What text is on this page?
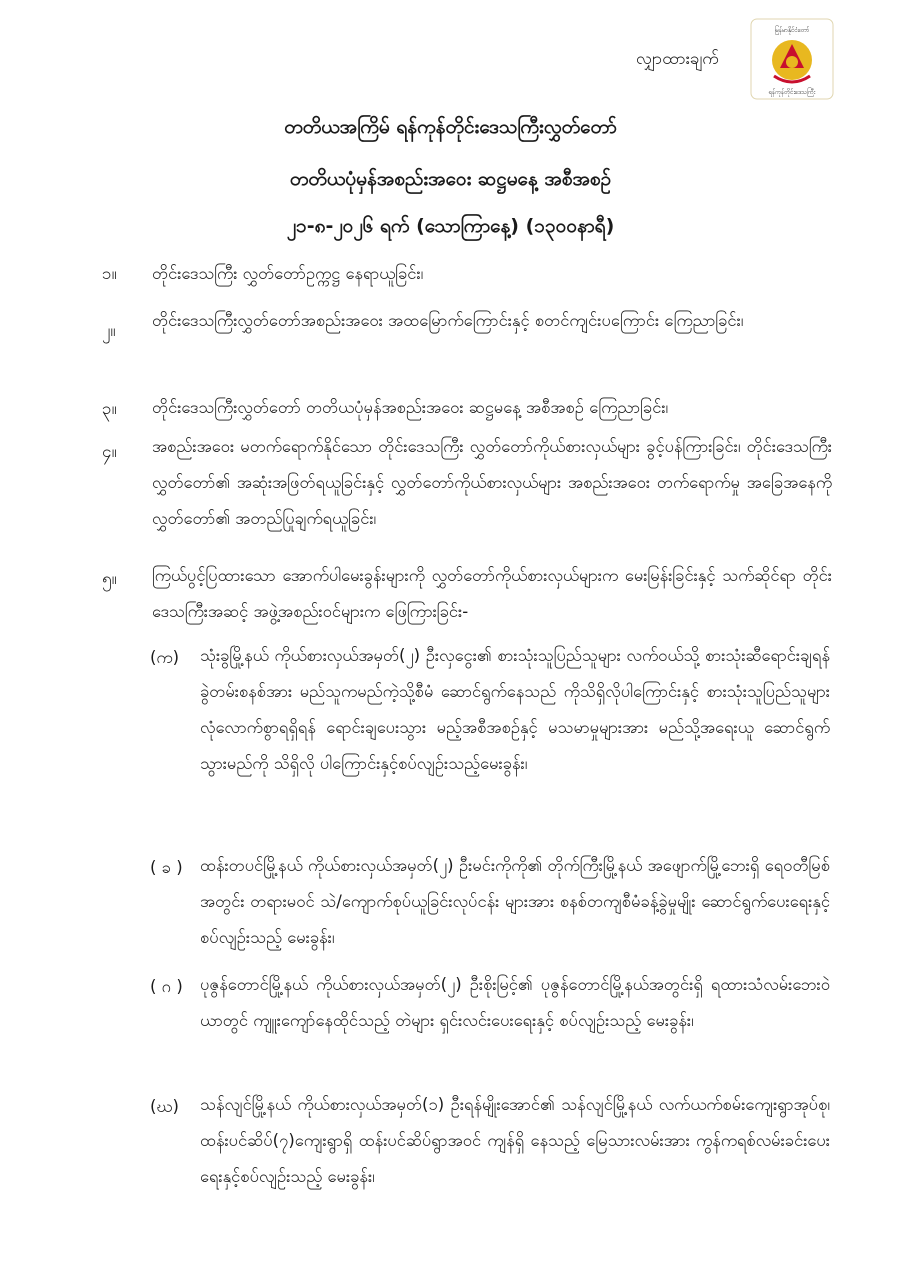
လျှာထားချက်
မြန်မာနိုင်ငံတော်
ရန်ကုန်တိုင်းဒေသကြီး
တတိယအကြိမ် ရန်ကုန်တိုင်းဒေသကြီးလွှတ်တော်
တတိယပုံမှန်အစည်းအဝေး ဆဋ္ဌမနေ့ အစီအစဉ်
၂၁-၈-၂၀၂၆ ရက် (သောကြာနေ့) (၁၃၀၀နာရီ)
၁။ တိုင်းဒေသကြီး လွှတ်တော်ဥက္ကဋ္ဌ နေရာယူခြင်း၊
၂။
တိုင်းဒေသကြီးလွှတ်တော်အစည်းအဝေး အထမြောက်ကြောင်းနှင့် စတင်ကျင်းပကြောင်း ကြေညာခြင်း၊
၃။ တိုင်းဒေသကြီးလွှတ်တော် တတိယပုံမှန်အစည်းအဝေး ဆဋ္ဌမနေ့ အစီအစဉ် ကြေညာခြင်း၊
၄။ အစည်းအဝေး မတက်ရောက်နိုင်သော တိုင်းဒေသကြီး လွှတ်တော်ကိုယ်စားလှယ်များ ခွင့်ပန်ကြားခြင်း၊ တိုင်းဒေသကြီးလွှတ်တော်၏ အဆုံးအဖြတ်ရယူခြင်းနှင့် လွှတ်တော်ကိုယ်စားလှယ်များ အစည်းအဝေး တက်ရောက်မှု အခြေအနေကို လွှတ်တော်၏ အတည်ပြုချက်ရယူခြင်း၊
၅။ ကြယ်ပွင့်ပြထားသော အောက်ပါမေးခွန်းများကို လွှတ်တော်ကိုယ်စားလှယ်များက မေးမြန်းခြင်းနှင့် သက်ဆိုင်ရာ တိုင်းဒေသကြီးအဆင့် အဖွဲ့အစည်းဝင်များက ဖြေကြားခြင်း-
(က) သုံးခွမြို့နယ် ကိုယ်စားလှယ်အမှတ်(၂) ဦးလှငွေး၏ စားသုံးသူပြည်သူများ လက်ဝယ်သို့ စားသုံးဆီရောင်းချရန် ခွဲတမ်းစနစ်အား မည်သူကမည်ကဲ့သို့စီမံ ဆောင်ရွက်နေသည် ကိုသိရှိလိုပါကြောင်းနှင့် စားသုံးသူပြည်သူများ လုံလောက်စွာရရှိရန် ရောင်းချပေးသွား မည့်အစီအစဉ်နှင့် မသမာမှုများအား မည်သို့အရေးယူ ဆောင်ရွက်သွားမည်ကို သိရှိလို ပါကြောင်းနှင့်စပ်လျဉ်းသည့်မေးခွန်း၊
( ခ ) ထန်းတပင်မြို့နယ် ကိုယ်စားလှယ်အမှတ်(၂) ဦးမင်းကိုကို၏ တိုက်ကြီးမြို့နယ် အဖျောက်မြို့ဘေးရှိ ရေဝတီမြစ်အတွင်း တရားမဝင် သဲ/ကျောက်စုပ်ယူခြင်းလုပ်ငန်း များအား စနစ်တကျစီမံခန့်ခွဲမှုမျိုး ဆောင်ရွက်ပေးရေးနှင့်စပ်လျဉ်းသည့် မေးခွန်း၊
( ဂ ) ပုဇွန်တောင်မြို့နယ် ကိုယ်စားလှယ်အမှတ်(၂) ဦးစိုးမြင့်၏ ပုဇွန်တောင်မြို့နယ်အတွင်းရှိ ရထားသံလမ်းဘေးဝဲယာတွင် ကျူးကျော်နေထိုင်သည့် တဲများ ရှင်းလင်းပေးရေးနှင့် စပ်လျဉ်းသည့် မေးခွန်း၊
(ဃ) သန်လျင်မြို့နယ် ကိုယ်စားလှယ်အမှတ်(၁) ဦးရန်မျိုးအောင်၏ သန်လျင်မြို့နယ် လက်ယက်စမ်းကျေးရွာအုပ်စု၊ ထန်းပင်ဆိပ်(၇)ကျေးရွာရှိ ထန်းပင်ဆိပ်ရွာအဝင် ကျန်ရှိ နေသည့် မြေသားလမ်းအား ကွန်ကရစ်လမ်းခင်းပေးရေးနှင့်စပ်လျဉ်းသည့် မေးခွန်း၊
